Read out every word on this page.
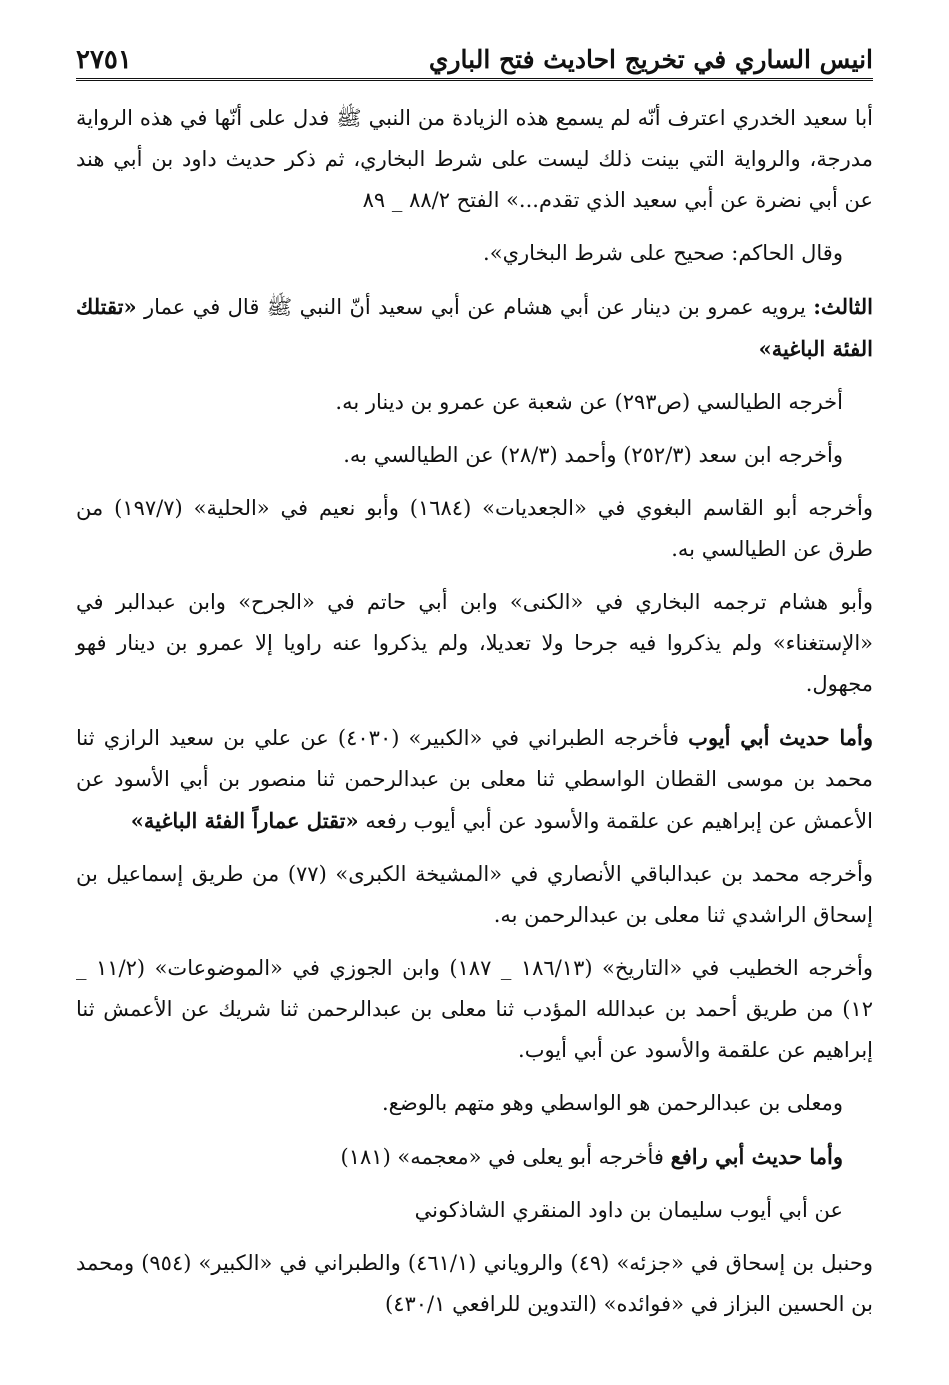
انيس الساري في تخريج احاديث فتح الباري
٢٧٥١

أبا سعيد الخدري اعترف أنّه لم يسمع هذه الزيادة من النبي ﷺ فدل على أنّها في هذه الرواية مدرجة، والرواية التي بينت ذلك ليست على شرط البخاري، ثم ذكر حديث داود بن أبي هند عن أبي نضرة عن أبي سعيد الذي تقدم...» الفتح ٨٨/٢ _ ٨٩

وقال الحاكم: صحيح على شرط البخاري».

الثالث: يرويه عمرو بن دينار عن أبي هشام عن أبي سعيد أنّ النبي ﷺ قال في عمار «تقتلك الفئة الباغية»

أخرجه الطيالسي (ص٢٩٣) عن شعبة عن عمرو بن دينار به.

وأخرجه ابن سعد (٢٥٢/٣) وأحمد (٢٨/٣) عن الطيالسي به.

وأخرجه أبو القاسم البغوي في «الجعديات» (١٦٨٤) وأبو نعيم في «الحلية» (١٩٧/٧) من طرق عن الطيالسي به.

وأبو هشام ترجمه البخاري في «الكنى» وابن أبي حاتم في «الجرح» وابن عبدالبر في «الإستغناء» ولم يذكروا فيه جرحا ولا تعديلا، ولم يذكروا عنه راويا إلا عمرو بن دينار فهو مجهول.

وأما حديث أبي أيوب فأخرجه الطبراني في «الكبير» (٤٠٣٠) عن علي بن سعيد الرازي ثنا محمد بن موسى القطان الواسطي ثنا معلى بن عبدالرحمن ثنا منصور بن أبي الأسود عن الأعمش عن إبراهيم عن علقمة والأسود عن أبي أيوب رفعه «تقتل عماراً الفئة الباغية»

وأخرجه محمد بن عبدالباقي الأنصاري في «المشيخة الكبرى» (٧٧) من طريق إسماعيل بن إسحاق الراشدي ثنا معلى بن عبدالرحمن به.

وأخرجه الخطيب في «التاريخ» (١٨٦/١٣ _ ١٨٧) وابن الجوزي في «الموضوعات» (١١/٢ _ ١٢) من طريق أحمد بن عبدالله المؤدب ثنا معلى بن عبدالرحمن ثنا شريك عن الأعمش ثنا إبراهيم عن علقمة والأسود عن أبي أيوب.

ومعلى بن عبدالرحمن هو الواسطي وهو متهم بالوضع.

وأما حديث أبي رافع فأخرجه أبو يعلى في «معجمه» (١٨١)

عن أبي أيوب سليمان بن داود المنقري الشاذكوني

وحنبل بن إسحاق في «جزئه» (٤٩) والروياني (٤٦١/١) والطبراني في «الكبير» (٩٥٤) ومحمد بن الحسين البزاز في «فوائده» (التدوين للرافعي ٤٣٠/١)
